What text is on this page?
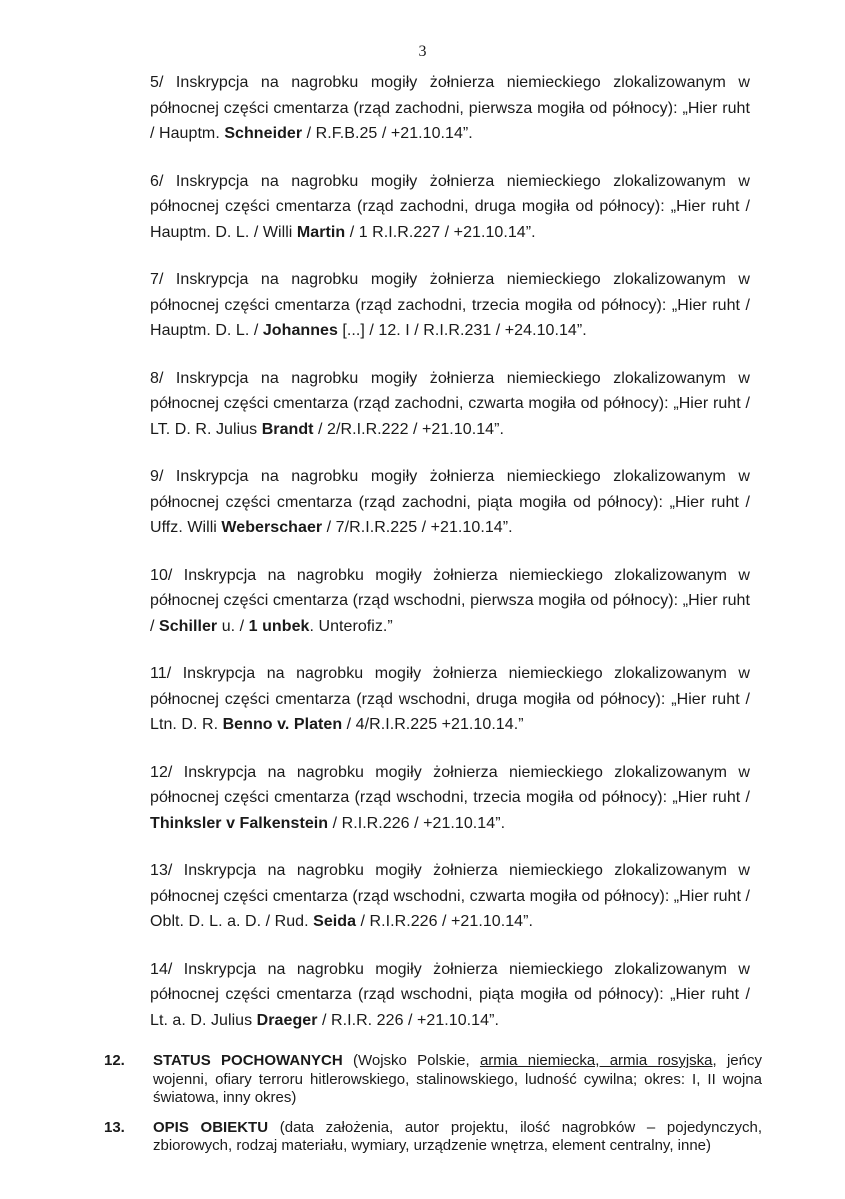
3

5/ Inskrypcja na nagrobku mogiły żołnierza niemieckiego zlokalizowanym w północnej części cmentarza (rząd zachodni, pierwsza mogiła od północy): „Hier ruht / Hauptm. Schneider / R.F.B.25 / +21.10.14”.

6/ Inskrypcja na nagrobku mogiły żołnierza niemieckiego zlokalizowanym w północnej części cmentarza (rząd zachodni, druga mogiła od północy): „Hier ruht / Hauptm. D. L. / Willi Martin / 1 R.I.R.227 / +21.10.14”.

7/ Inskrypcja na nagrobku mogiły żołnierza niemieckiego zlokalizowanym w północnej części cmentarza (rząd zachodni, trzecia mogiła od północy): „Hier ruht / Hauptm. D. L. / Johannes [...] / 12. I / R.I.R.231 / +24.10.14”.

8/ Inskrypcja na nagrobku mogiły żołnierza niemieckiego zlokalizowanym w północnej części cmentarza (rząd zachodni, czwarta mogiła od północy): „Hier ruht / LT. D. R. Julius Brandt / 2/R.I.R.222 / +21.10.14”.

9/ Inskrypcja na nagrobku mogiły żołnierza niemieckiego zlokalizowanym w północnej części cmentarza (rząd zachodni, piąta mogiła od północy): „Hier ruht / Uffz. Willi Weberschaer / 7/R.I.R.225 / +21.10.14”.

10/ Inskrypcja na nagrobku mogiły żołnierza niemieckiego zlokalizowanym w północnej części cmentarza (rząd wschodni, pierwsza mogiła od północy): „Hier ruht / Schiller u. / 1 unbek. Unterofiz.”

11/ Inskrypcja na nagrobku mogiły żołnierza niemieckiego zlokalizowanym w północnej części cmentarza (rząd wschodni, druga mogiła od północy): „Hier ruht / Ltn. D. R. Benno v. Platen / 4/R.I.R.225 +21.10.14.”

12/ Inskrypcja na nagrobku mogiły żołnierza niemieckiego zlokalizowanym w północnej części cmentarza (rząd wschodni, trzecia mogiła od północy): „Hier ruht / Thinksler v Falkenstein / R.I.R.226 / +21.10.14”.

13/ Inskrypcja na nagrobku mogiły żołnierza niemieckiego zlokalizowanym w północnej części cmentarza (rząd wschodni, czwarta mogiła od północy): „Hier ruht / Oblt. D. L. a. D. / Rud. Seida / R.I.R.226 / +21.10.14”.

14/ Inskrypcja na nagrobku mogiły żołnierza niemieckiego zlokalizowanym w północnej części cmentarza (rząd wschodni, piąta mogiła od północy): „Hier ruht / Lt. a. D. Julius Draeger / R.I.R. 226 / +21.10.14”.

12.	STATUS POCHOWANYCH (Wojsko Polskie, armia niemiecka, armia rosyjska, jeńcy wojenni, ofiary terroru hitlerowskiego, stalinowskiego, ludność cywilna; okres: I, II wojna światowa, inny okres)
13.	OPIS OBIEKTU (data założenia, autor projektu, ilość nagrobków – pojedynczych, zbiorowych, rodzaj materiału, wymiary, urządzenie wnętrza, element centralny, inne)
